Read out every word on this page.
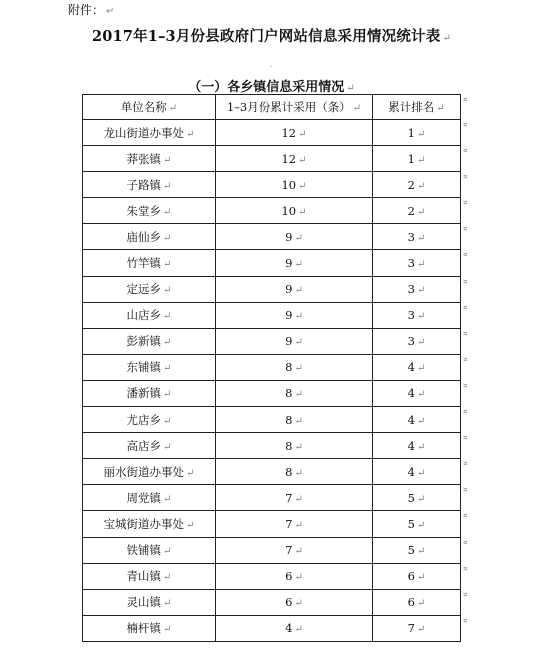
附件： ↵
2017年1–3月份县政府门户网站信息采用情况统计表 ↵
.
（一）各乡镇信息采用情况 ↵
单位名称 ↵	1–3月份累计采用（条） ↵	累计排名 ↵
龙山街道办事处 ↵	12 ↵	1 ↵
莽张镇 ↵	12 ↵	1 ↵
子路镇 ↵	10 ↵	2 ↵
朱堂乡 ↵	10 ↵	2 ↵
庙仙乡 ↵	9 ↵	3 ↵
竹竿镇 ↵	9 ↵	3 ↵
定远乡 ↵	9 ↵	3 ↵
山店乡 ↵	9 ↵	3 ↵
彭新镇 ↵	9 ↵	3 ↵
东铺镇 ↵	8 ↵	4 ↵
潘新镇 ↵	8 ↵	4 ↵
尤店乡 ↵	8 ↵	4 ↵
高店乡 ↵	8 ↵	4 ↵
丽水街道办事处 ↵	8 ↵	4 ↵
周党镇 ↵	7 ↵	5 ↵
宝城街道办事处 ↵	7 ↵	5 ↵
铁铺镇 ↵	7 ↵	5 ↵
青山镇 ↵	6 ↵	6 ↵
灵山镇 ↵	6 ↵	6 ↵
楠杆镇 ↵	4 ↵	7 ↵
¤
¤
¤
¤
¤
¤
¤
¤
¤
¤
¤
¤
¤
¤
¤
¤
¤
¤
¤
¤
¤
